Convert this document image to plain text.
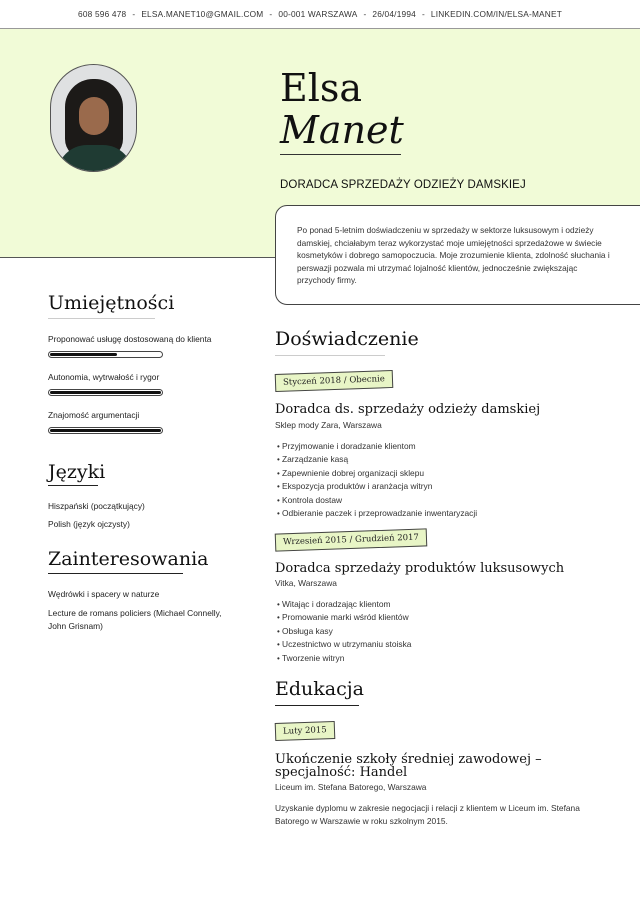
608 596 478 - ELSA.MANET10@GMAIL.COM - 00-001 WARSZAWA - 26/04/1994 - LINKEDIN.COM/IN/ELSA-MANET
Elsa
Manet
DORADCA SPRZEDAŻY ODZIEŻY DAMSKIEJ
Po ponad 5-letnim doświadczeniu w sprzedaży w sektorze luksusowym i odzieży damskiej, chciałabym teraz wykorzystać moje umiejętności sprzedażowe w świecie kosmetyków i dobrego samopoczucia. Moje zrozumienie klienta, zdolność słuchania i perswazji pozwala mi utrzymać lojalność klientów, jednocześnie zwiększając przychody firmy.
Umiejętności
Proponować usługę dostosowaną do klienta
Autonomia, wytrwałość i rygor
Znajomość argumentacji
Języki
Hiszpański (początkujący)
Polish (język ojczysty)
Zainteresowania
Wędrówki i spacery w naturze
Lecture de romans policiers (Michael Connelly, John Grisnam)
Doświadczenie
Styczeń 2018 / Obecnie
Doradca ds. sprzedaży odzieży damskiej
Sklep mody Zara, Warszawa
• Przyjmowanie i doradzanie klientom
• Zarządzanie kasą
• Zapewnienie dobrej organizacji sklepu
• Ekspozycja produktów i aranżacja witryn
• Kontrola dostaw
• Odbieranie paczek i przeprowadzanie inwentaryzacji
Wrzesień 2015 / Grudzień 2017
Doradca sprzedaży produktów luksusowych
Vitka, Warszawa
• Witając i doradzając klientom
• Promowanie marki wśród klientów
• Obsługa kasy
• Uczestnictwo w utrzymaniu stoiska
• Tworzenie witryn
Edukacja
Luty 2015
Ukończenie szkoły średniej zawodowej – specjalność: Handel
Liceum im. Stefana Batorego, Warszawa
Uzyskanie dyplomu w zakresie negocjacji i relacji z klientem w Liceum im. Stefana Batorego w Warszawie w roku szkolnym 2015.
